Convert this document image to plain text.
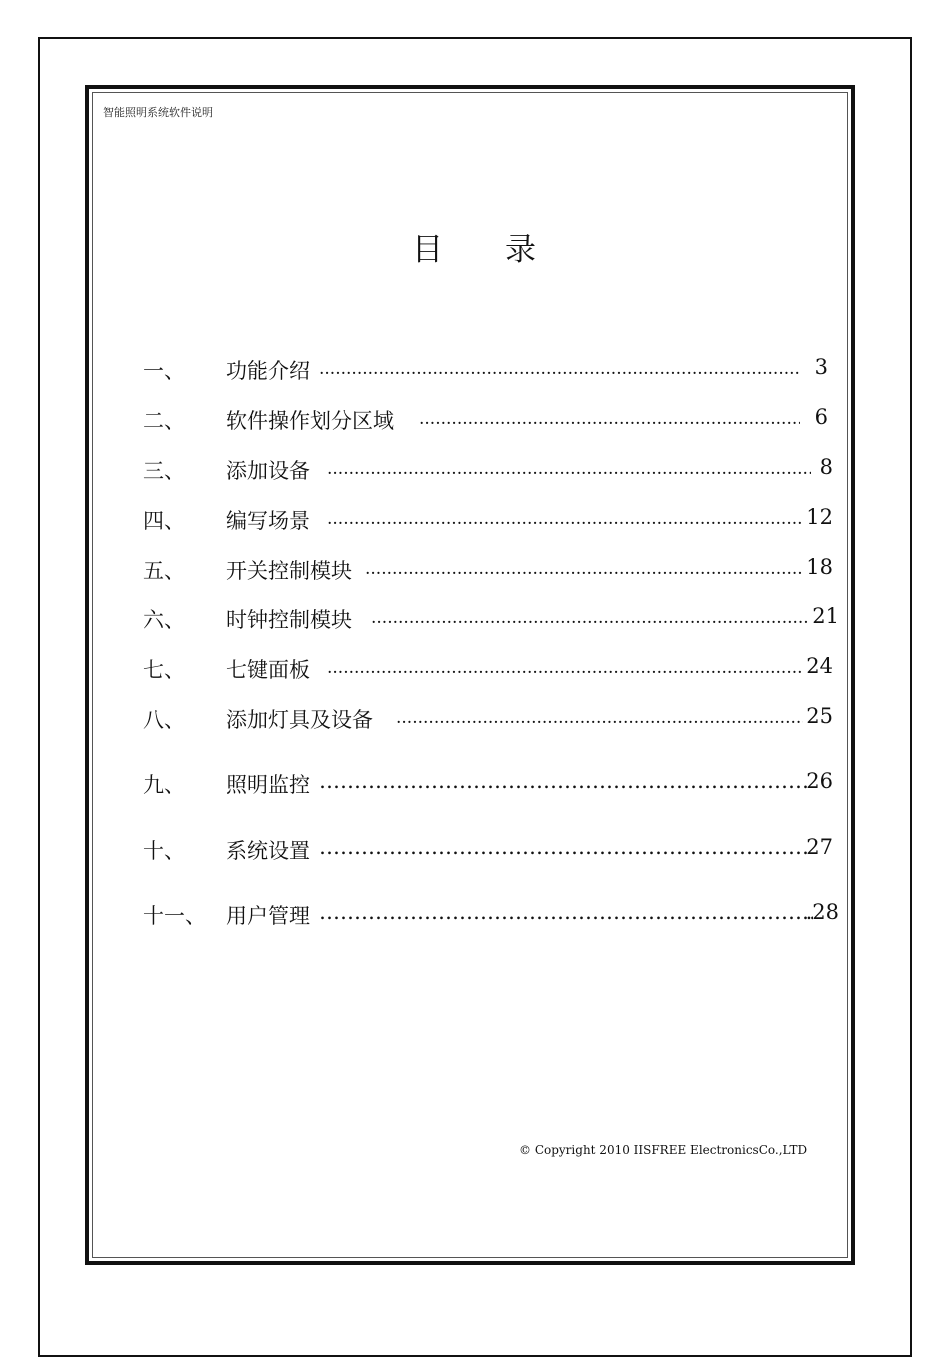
智能照明系统软件说明
目录
一、 功能介绍 .....	3
二、 软件操作划分区域 .....	6
三、 添加设备 .....	8
四、 编写场景 .....	12
五、 开关控制模块 .....	18
六、 时钟控制模块 .....	21
七、 七键面板 .....	24
八、 添加灯具及设备 .....	25
九、 照明监控 ……………………………………………………………………………………………………………	26
十、 系统设置 ……………………………………………………………………………………………………………	27
十一、 用户管理 ……………………………………………………………………………………………………………	.28
© Copyright 2010 IISFREE ElectronicsCo.,LTD
